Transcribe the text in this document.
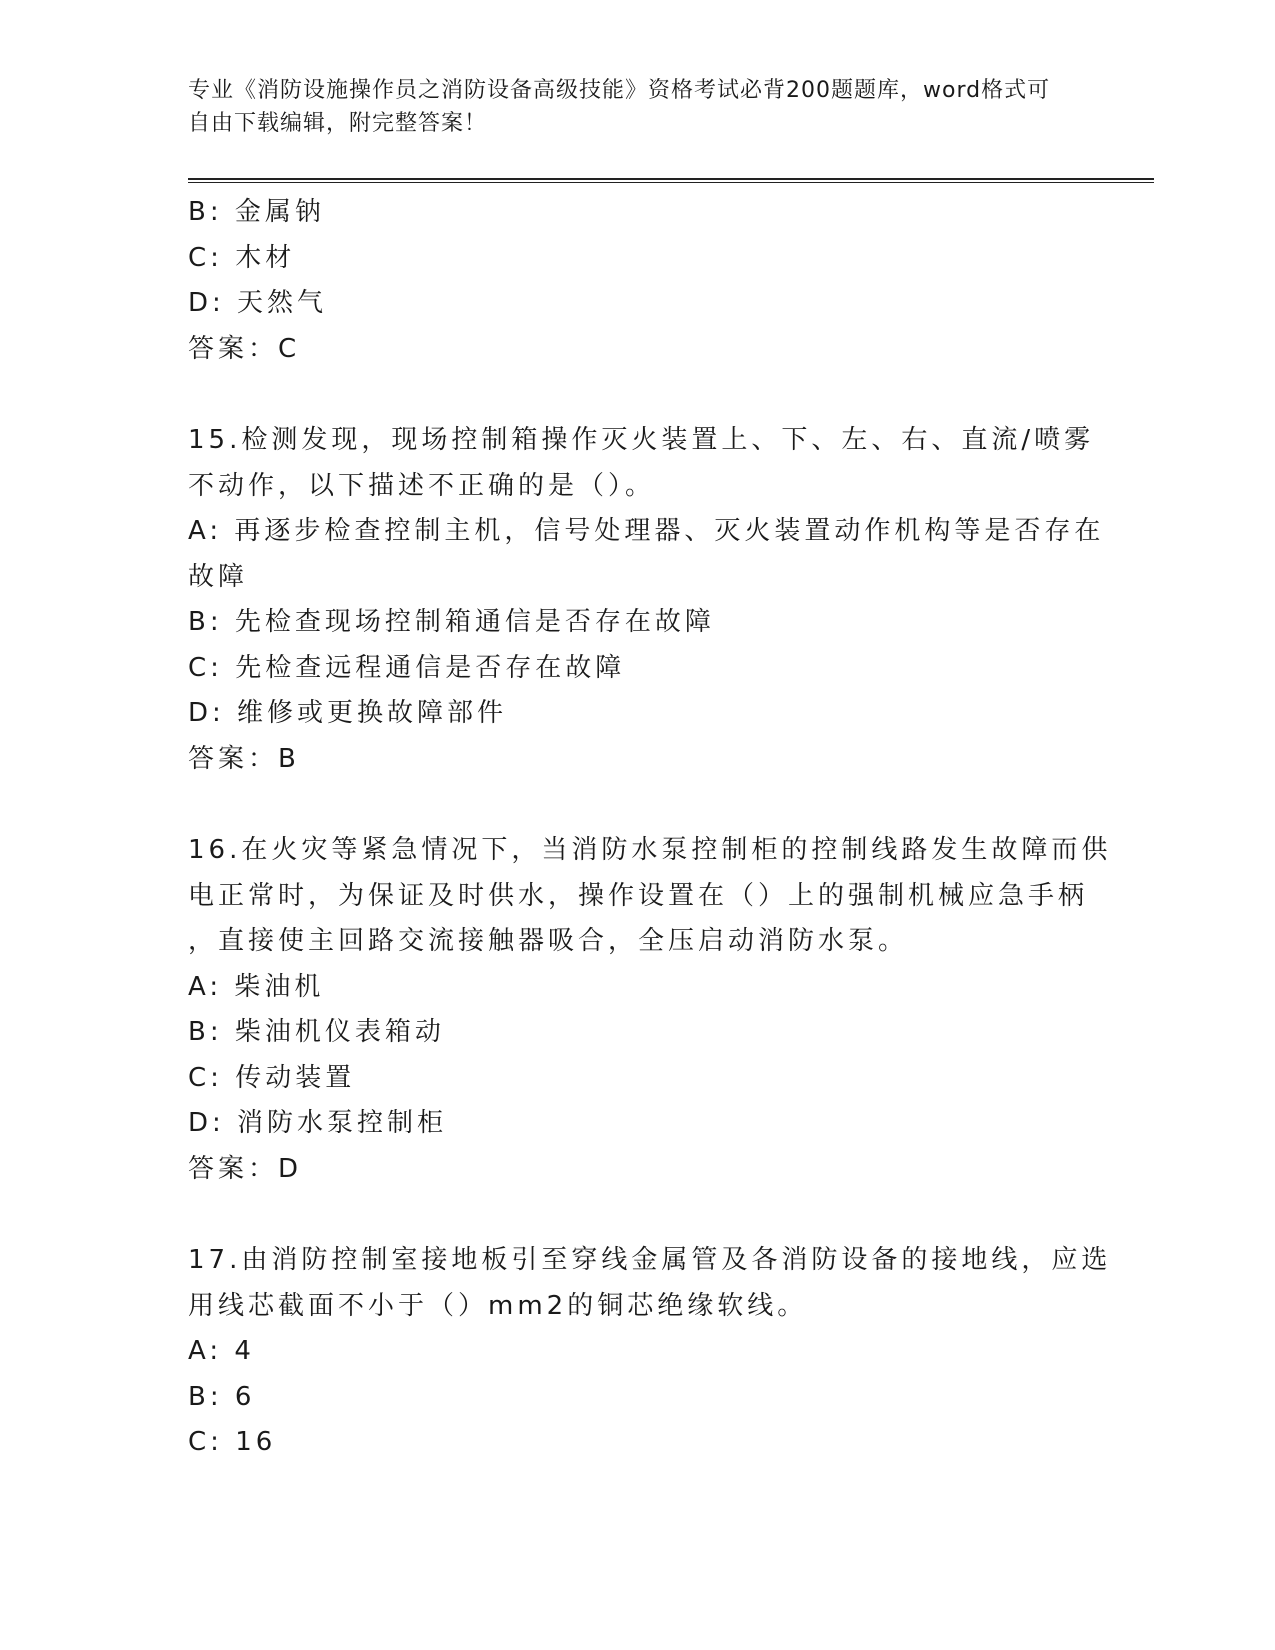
专业《消防设施操作员之消防设备高级技能》资格考试必背200题题库，word格式可自由下载编辑，附完整答案！
B: 金属钠
C: 木材
D: 天然气
答案：C
15.检测发现，现场控制箱操作灭火装置上、下、左、右、直流/喷雾
不动作，以下描述不正确的是（）。
A: 再逐步检查控制主机，信号处理器、灭火装置动作机构等是否存在
故障
B: 先检查现场控制箱通信是否存在故障
C: 先检查远程通信是否存在故障
D: 维修或更换故障部件
答案：B
16.在火灾等紧急情况下，当消防水泵控制柜的控制线路发生故障而供
电正常时，为保证及时供水，操作设置在（）上的强制机械应急手柄
，直接使主回路交流接触器吸合，全压启动消防水泵。
A: 柴油机
B: 柴油机仪表箱动
C: 传动装置
D: 消防水泵控制柜
答案：D
17.由消防控制室接地板引至穿线金属管及各消防设备的接地线，应选
用线芯截面不小于（）mm2的铜芯绝缘软线。
A: 4
B: 6
C: 16
